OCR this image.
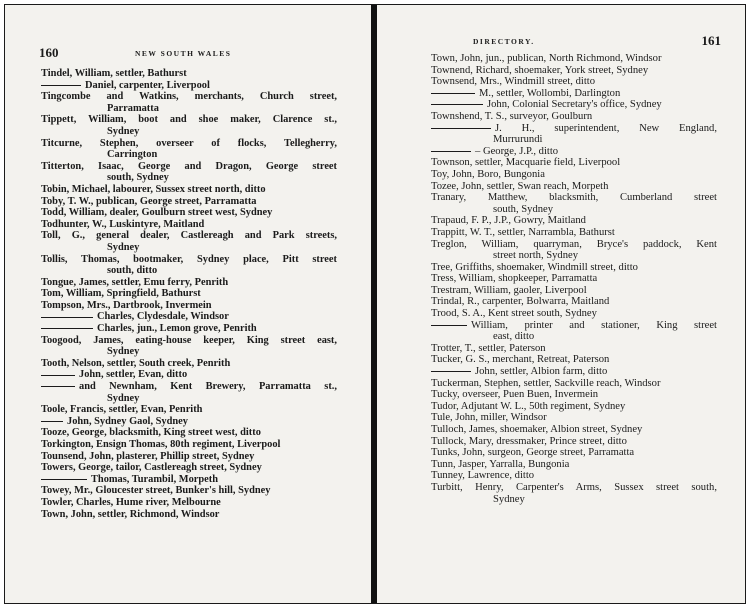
160	NEW SOUTH WALES
Tindel, William, settler, Bathurst
Daniel, carpenter, Liverpool
Tingcombe and Watkins, merchants, Church street,
Parramatta
Tippett, William, boot and shoe maker, Clarence st.,
Sydney
Titcurne, Stephen, overseer of flocks, Tellegherry,
Carrington
Titterton, Isaac, George and Dragon, George street
south, Sydney
Tobin, Michael, labourer, Sussex street north, ditto
Toby, T. W., publican, George street, Parramatta
Todd, William, dealer, Goulburn street west, Sydney
Todhunter, W., Luskintyre, Maitland
Toll, G., general dealer, Castlereagh and Park streets,
Sydney
Tollis, Thomas, bootmaker, Sydney place, Pitt street
south, ditto
Tongue, James, settler, Emu ferry, Penrith
Tom, William, Springfield, Bathurst
Tompson, Mrs., Dartbrook, Invermein
Charles, Clydesdale, Windsor
Charles, jun., Lemon grove, Penrith
Toogood, James, eating-house keeper, King street east,
Sydney
Tooth, Nelson, settler, South creek, Penrith
John, settler, Evan, ditto
and Newnham, Kent Brewery, Parramatta st.,
Sydney
Toole, Francis, settler, Evan, Penrith
John, Sydney Gaol, Sydney
Tooze, George, blacksmith, King street west, ditto
Torkington, Ensign Thomas, 80th regiment, Liverpool
Tounsend, John, plasterer, Phillip street, Sydney
Towers, George, tailor, Castlereagh street, Sydney
Thomas, Turambil, Morpeth
Towey, Mr., Gloucester street, Bunker's hill, Sydney
Towler, Charles, Hume river, Melbourne
Town, John, settler, Richmond, Windsor
DIRECTORY.	161
Town, John, jun., publican, North Richmond, Windsor
Townend, Richard, shoemaker, York street, Sydney
Townsend, Mrs., Windmill street, ditto
M., settler, Wollombi, Darlington
John, Colonial Secretary's office, Sydney
Townshend, T. S., surveyor, Goulburn
J. H., superintendent, New England,
Murrurundi
– George, J.P., ditto
Townson, settler, Macquarie field, Liverpool
Toy, John, Boro, Bungonia
Tozee, John, settler, Swan reach, Morpeth
Tranary, Matthew, blacksmith, Cumberland street
south, Sydney
Trapaud, F. P., J.P., Gowry, Maitland
Trappitt, W. T., settler, Narrambla, Bathurst
Treglon, William, quarryman, Bryce's paddock, Kent
street north, Sydney
Tree, Griffiths, shoemaker, Windmill street, ditto
Tress, William, shopkeeper, Parramatta
Trestram, William, gaoler, Liverpool
Trindal, R., carpenter, Bolwarra, Maitland
Trood, S. A., Kent street south, Sydney
William, printer and stationer, King street
east, ditto
Trotter, T., settler, Paterson
Tucker, G. S., merchant, Retreat, Paterson
John, settler, Albion farm, ditto
Tuckerman, Stephen, settler, Sackville reach, Windsor
Tucky, overseer, Puen Buen, Invermein
Tudor, Adjutant W. L., 50th regiment, Sydney
Tule, John, miller, Windsor
Tulloch, James, shoemaker, Albion street, Sydney
Tullock, Mary, dressmaker, Prince street, ditto
Tunks, John, surgeon, George street, Parramatta
Tunn, Jasper, Yarralla, Bungonia
Tunney, Lawrence, ditto
Turbitt, Henry, Carpenter's Arms, Sussex street south,
Sydney
